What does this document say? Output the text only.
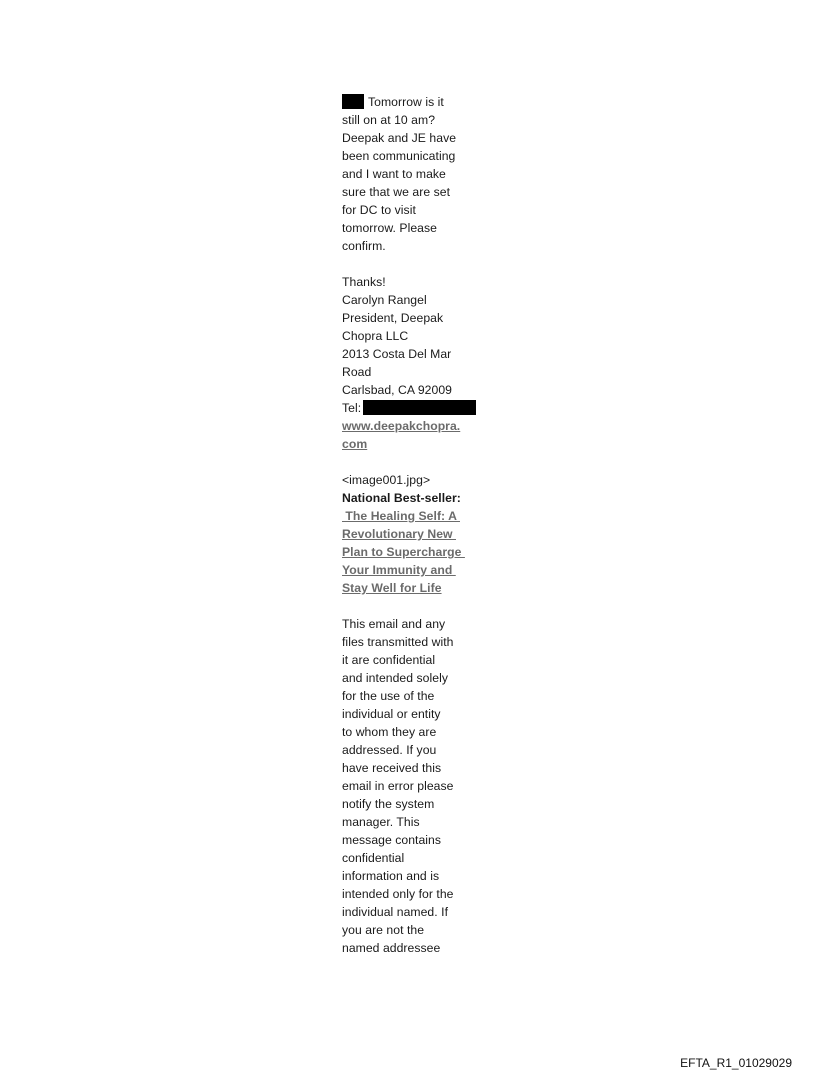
Tomorrow is it
still on at 10 am?
Deepak and JE have
been communicating
and I want to make
sure that we are set
for DC to visit
tomorrow. Please
confirm.
Thanks!
Carolyn Rangel
President, Deepak
Chopra LLC
2013 Costa Del Mar
Road
Carlsbad, CA 92009
Tel:
www.deepakchopra.
com
<image001.jpg>
National Best-seller:
The Healing Self: A
Revolutionary New
Plan to Supercharge
Your Immunity and
Stay Well for Life
This email and any
files transmitted with
it are confidential
and intended solely
for the use of the
individual or entity
to whom they are
addressed. If you
have received this
email in error please
notify the system
manager. This
message contains
confidential
information and is
intended only for the
individual named. If
you are not the
named addressee
EFTA_R1_01029029
